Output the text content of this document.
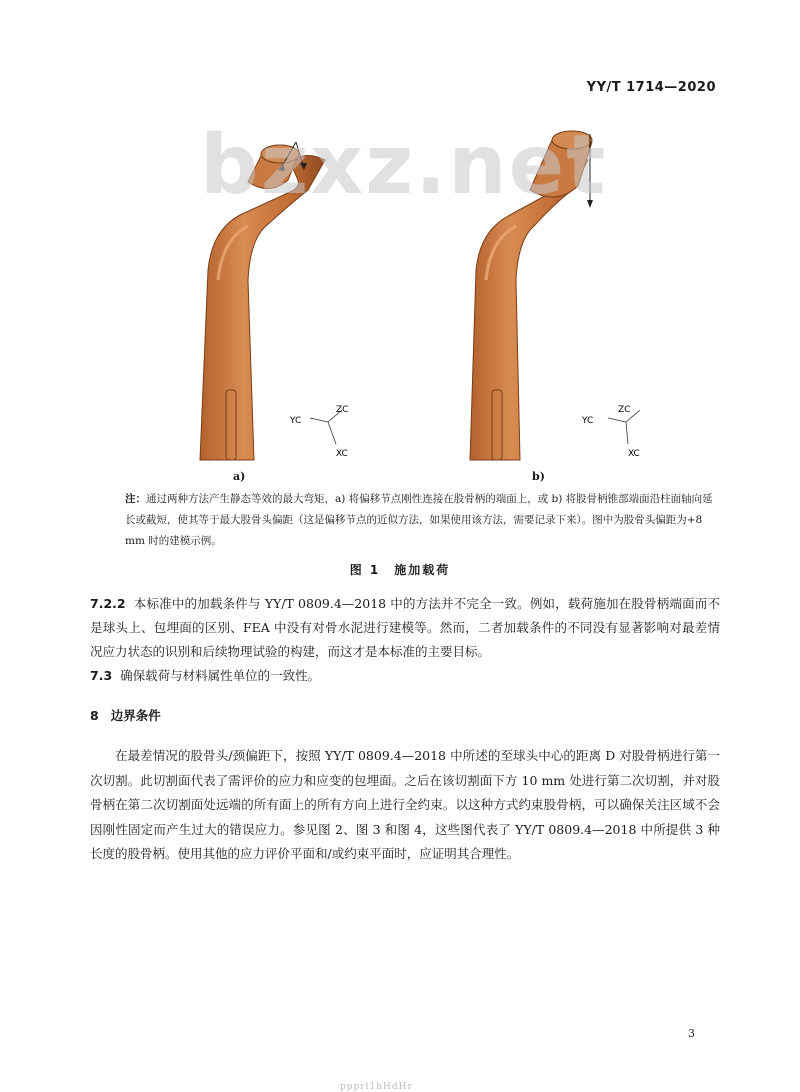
YY/T 1714—2020
ZC
YC
XC
ZC
YC
XC
bzxz.net
a)	b)
注：通过两种方法产生静态等效的最大弯矩，a) 将偏移节点刚性连接在股骨柄的端面上，或 b) 将股骨柄锥部端面沿柱面轴向延长或截短，使其等于最大股骨头偏距（这是偏移节点的近似方法，如果使用该方法，需要记录下来）。图中为股骨头偏距为+8 mm 时的建模示例。
图 1　施加载荷
7.2.2 本标准中的加载条件与 YY/T 0809.4—2018 中的方法并不完全一致。例如，载荷施加在股骨柄端面而不是球头上、包埋面的区别、FEA 中没有对骨水泥进行建模等。然而，二者加载条件的不同没有显著影响对最差情况应力状态的识别和后续物理试验的构建，而这才是本标准的主要目标。
7.3 确保载荷与材料属性单位的一致性。
8 边界条件
在最差情况的股骨头/颈偏距下，按照 YY/T 0809.4—2018 中所述的至球头中心的距离 D 对股骨柄进行第一次切割。此切割面代表了需评价的应力和应变的包埋面。之后在该切割面下方 10 mm 处进行第二次切割，并对股骨柄在第二次切割面处远端的所有面上的所有方向上进行全约束。以这种方式约束股骨柄，可以确保关注区域不会因刚性固定而产生过大的错误应力。参见图 2、图 3 和图 4，这些图代表了 YY/T 0809.4—2018 中所提供 3 种长度的股骨柄。使用其他的应力评价平面和/或约束平面时，应证明其合理性。
3
ppprl1hHdHr
